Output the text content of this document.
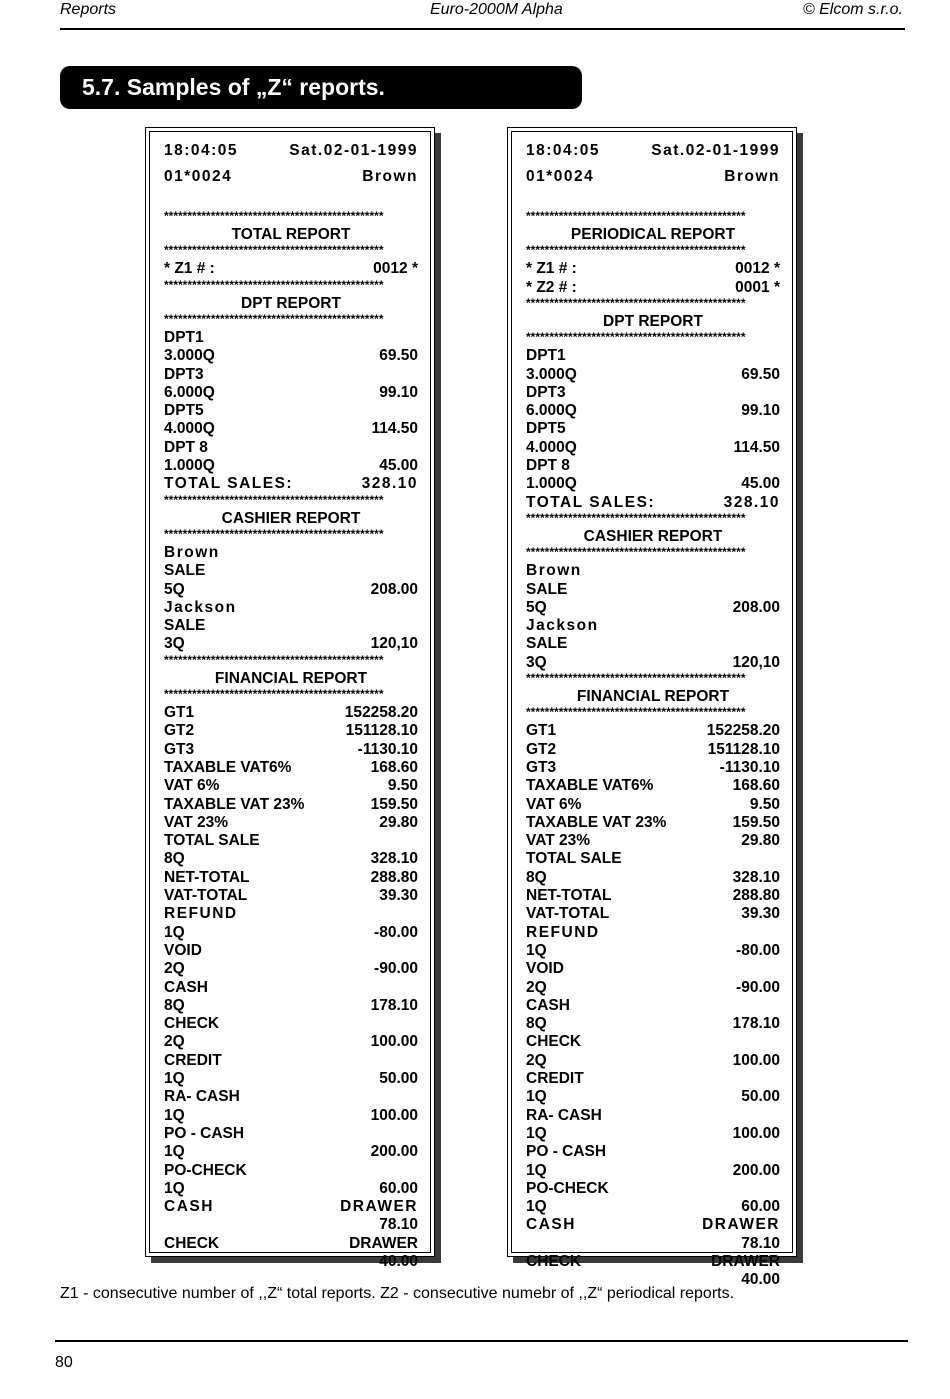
Reports	Euro-2000M Alpha	© Elcom s.r.o.
5.7. Samples of „Z“ reports.
18:04:05	Sat.02-01-1999
01*0024	Brown
***********************************************
TOTAL REPORT
***********************************************
* Z1 # :	0012 *
***********************************************
DPT REPORT
***********************************************
DPT1
3.000Q	69.50
DPT3
6.000Q	99.10
DPT5
4.000Q	114.50
DPT 8
1.000Q	45.00
TOTAL SALES:	328.10
***********************************************
CASHIER REPORT
***********************************************
Brown
SALE
5Q	208.00
Jackson
SALE
3Q	120,10
***********************************************
FINANCIAL REPORT
***********************************************
GT1	152258.20
GT2	151128.10
GT3	-1130.10
TAXABLE VAT6%	168.60
VAT 6%	9.50
TAXABLE VAT 23%	159.50
VAT 23%	29.80
TOTAL SALE
8Q	328.10
NET-TOTAL	288.80
VAT-TOTAL	39.30
REFUND
1Q	-80.00
VOID
2Q	-90.00
CASH
8Q	178.10
CHECK
2Q	100.00
CREDIT
1Q	50.00
RA- CASH
1Q	100.00
PO - CASH
1Q	200.00
PO-CHECK
1Q	60.00
CASH	DRAWER
78.10
CHECK	DRAWER
40.00
18:04:05	Sat.02-01-1999
01*0024	Brown
***********************************************
PERIODICAL REPORT
***********************************************
* Z1 # :	0012 *
* Z2 # :	0001 *
***********************************************
DPT REPORT
***********************************************
DPT1
3.000Q	69.50
DPT3
6.000Q	99.10
DPT5
4.000Q	114.50
DPT 8
1.000Q	45.00
TOTAL SALES:	328.10
***********************************************
CASHIER REPORT
***********************************************
Brown
SALE
5Q	208.00
Jackson
SALE
3Q	120,10
***********************************************
FINANCIAL REPORT
***********************************************
GT1	152258.20
GT2	151128.10
GT3	-1130.10
TAXABLE VAT6%	168.60
VAT 6%	9.50
TAXABLE VAT 23%	159.50
VAT 23%	29.80
TOTAL SALE
8Q	328.10
NET-TOTAL	288.80
VAT-TOTAL	39.30
REFUND
1Q	-80.00
VOID
2Q	-90.00
CASH
8Q	178.10
CHECK
2Q	100.00
CREDIT
1Q	50.00
RA- CASH
1Q	100.00
PO - CASH
1Q	200.00
PO-CHECK
1Q	60.00
CASH	DRAWER
78.10
CHECK	DRAWER
40.00
Z1 - consecutive number of ,,Z“ total reports. Z2 - consecutive numebr of ,,Z“ periodical reports.
80
